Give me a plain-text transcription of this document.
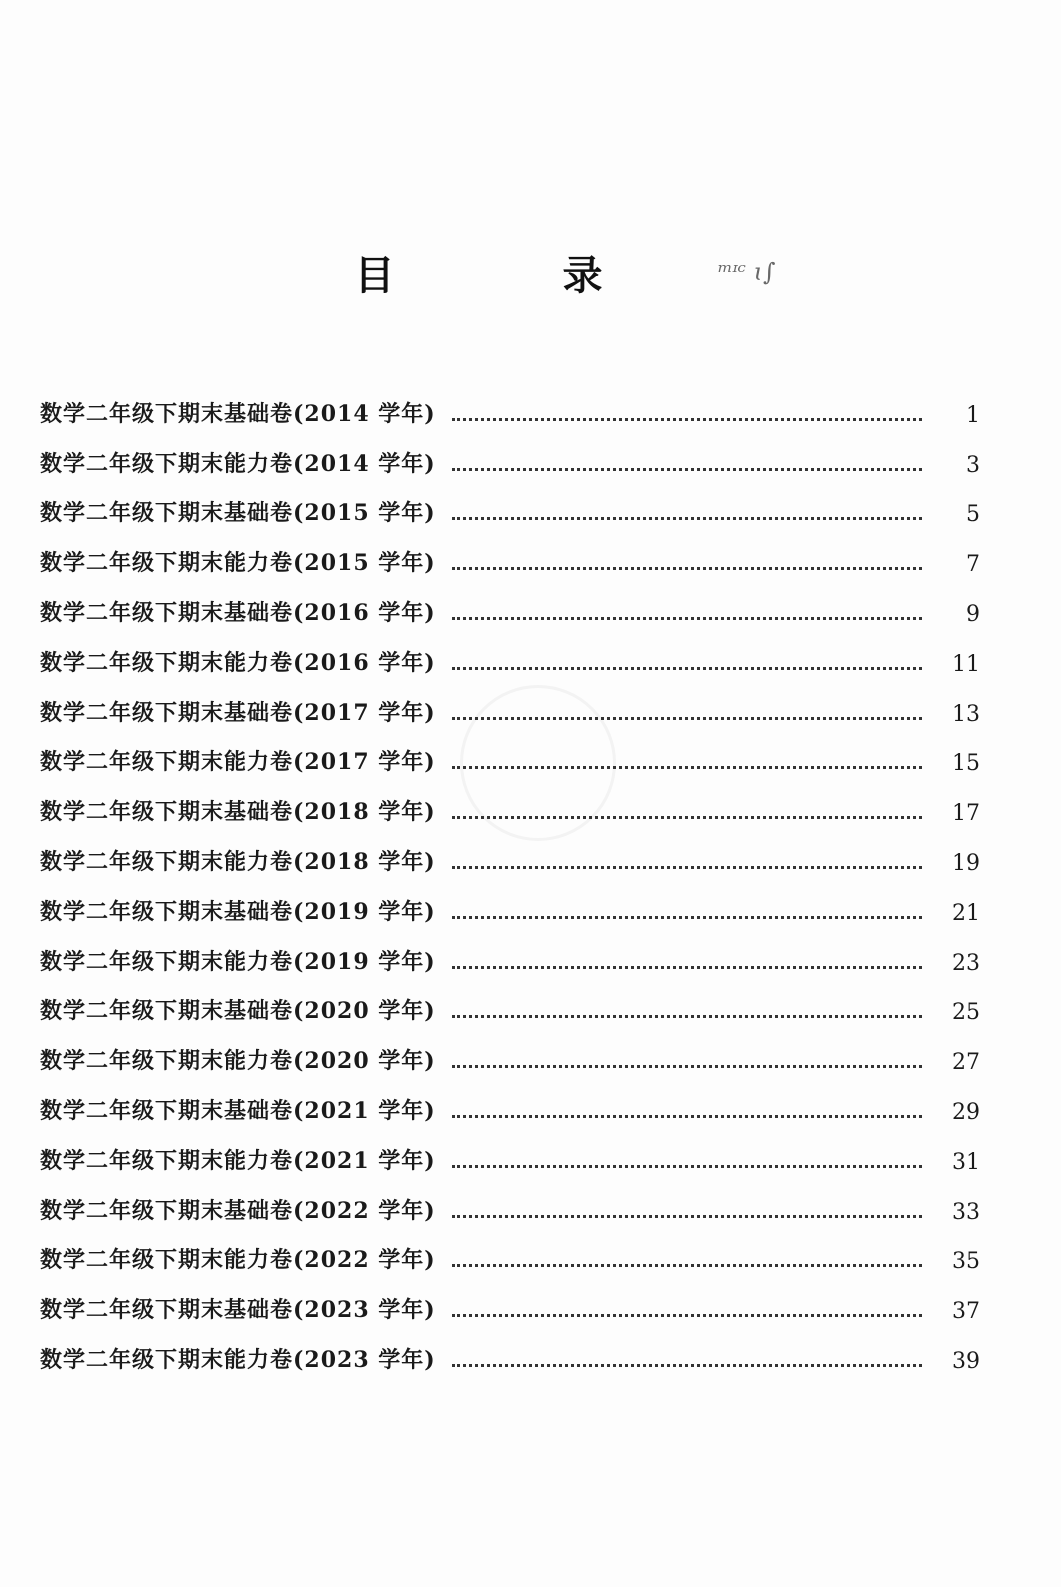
目　录	ᵐᶦᶜ ɩ∫
数学二年级下期末基础卷(2014 学年)	1
数学二年级下期末能力卷(2014 学年)	3
数学二年级下期末基础卷(2015 学年)	5
数学二年级下期末能力卷(2015 学年)	7
数学二年级下期末基础卷(2016 学年)	9
数学二年级下期末能力卷(2016 学年)	11
数学二年级下期末基础卷(2017 学年)	13
数学二年级下期末能力卷(2017 学年)	15
数学二年级下期末基础卷(2018 学年)	17
数学二年级下期末能力卷(2018 学年)	19
数学二年级下期末基础卷(2019 学年)	21
数学二年级下期末能力卷(2019 学年)	23
数学二年级下期末基础卷(2020 学年)	25
数学二年级下期末能力卷(2020 学年)	27
数学二年级下期末基础卷(2021 学年)	29
数学二年级下期末能力卷(2021 学年)	31
数学二年级下期末基础卷(2022 学年)	33
数学二年级下期末能力卷(2022 学年)	35
数学二年级下期末基础卷(2023 学年)	37
数学二年级下期末能力卷(2023 学年)	39
